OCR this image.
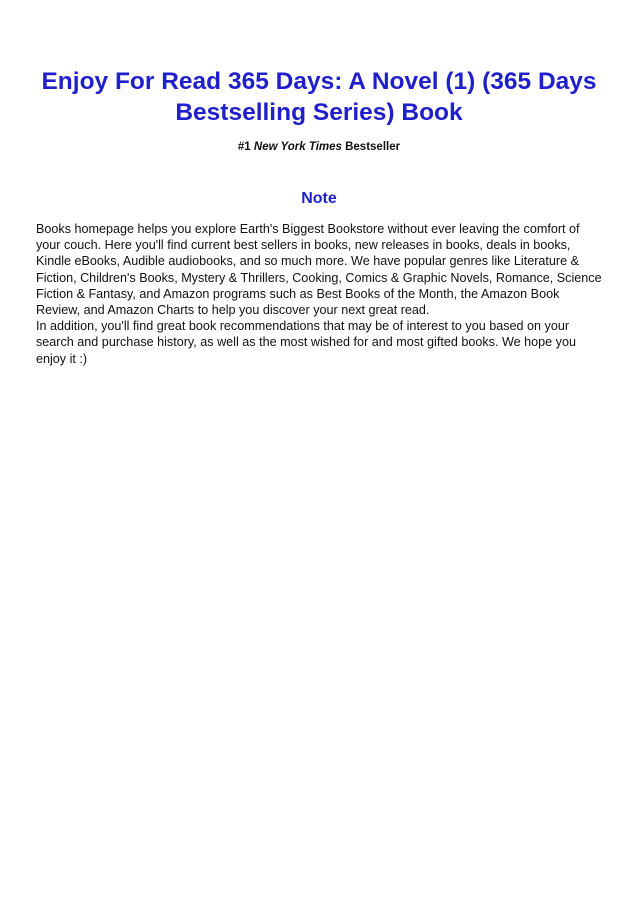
Enjoy For Read 365 Days: A Novel (1) (365 Days Bestselling Series) Book
#1 New York Times Bestseller
Note

Books homepage helps you explore Earth's Biggest Bookstore without ever leaving the comfort of your couch. Here you'll find current best sellers in books, new releases in books, deals in books, Kindle eBooks, Audible audiobooks, and so much more. We have popular genres like Literature & Fiction, Children's Books, Mystery & Thrillers, Cooking, Comics & Graphic Novels, Romance, Science Fiction & Fantasy, and Amazon programs such as Best Books of the Month, the Amazon Book Review, and Amazon Charts to help you discover your next great read.

In addition, you'll find great book recommendations that may be of interest to you based on your search and purchase history, as well as the most wished for and most gifted books. We hope you enjoy it :)
